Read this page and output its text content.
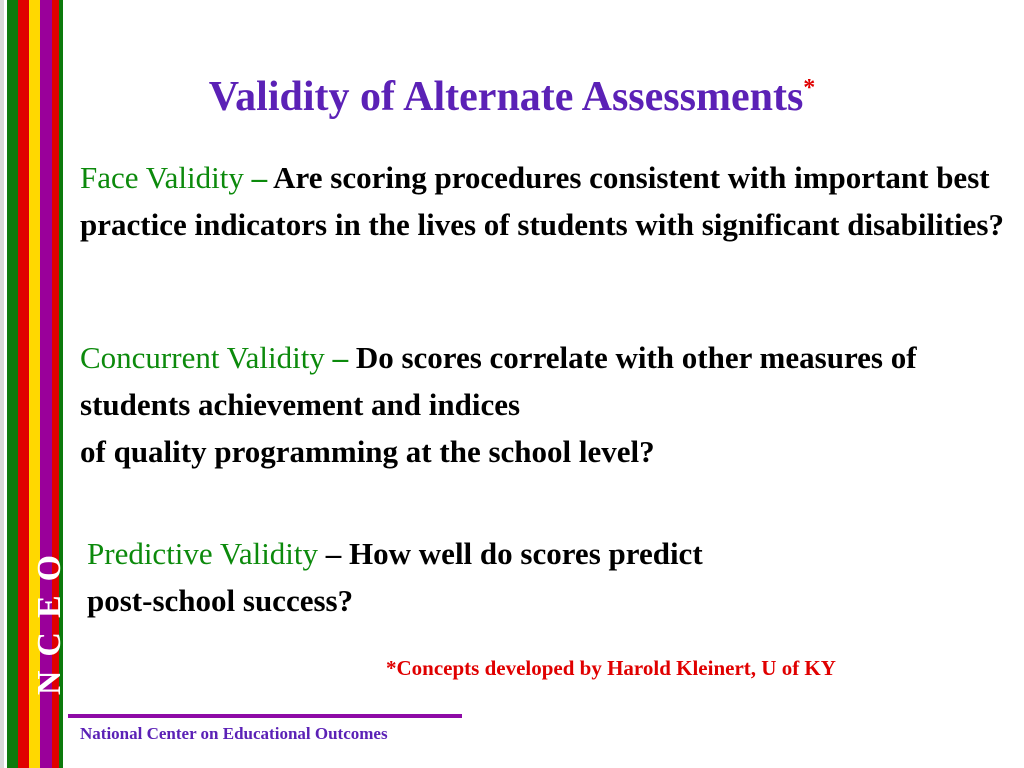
NCEO
Validity of Alternate Assessments*
Face Validity – Are scoring procedures consistent with important best practice indicators in the lives of students with significant disabilities?
Concurrent Validity – Do scores correlate with other measures of students achievement and indices
of quality programming at the school level?
Predictive Validity – How well do scores predict
post-school success?
*Concepts developed by Harold Kleinert, U of KY
National Center on Educational Outcomes
